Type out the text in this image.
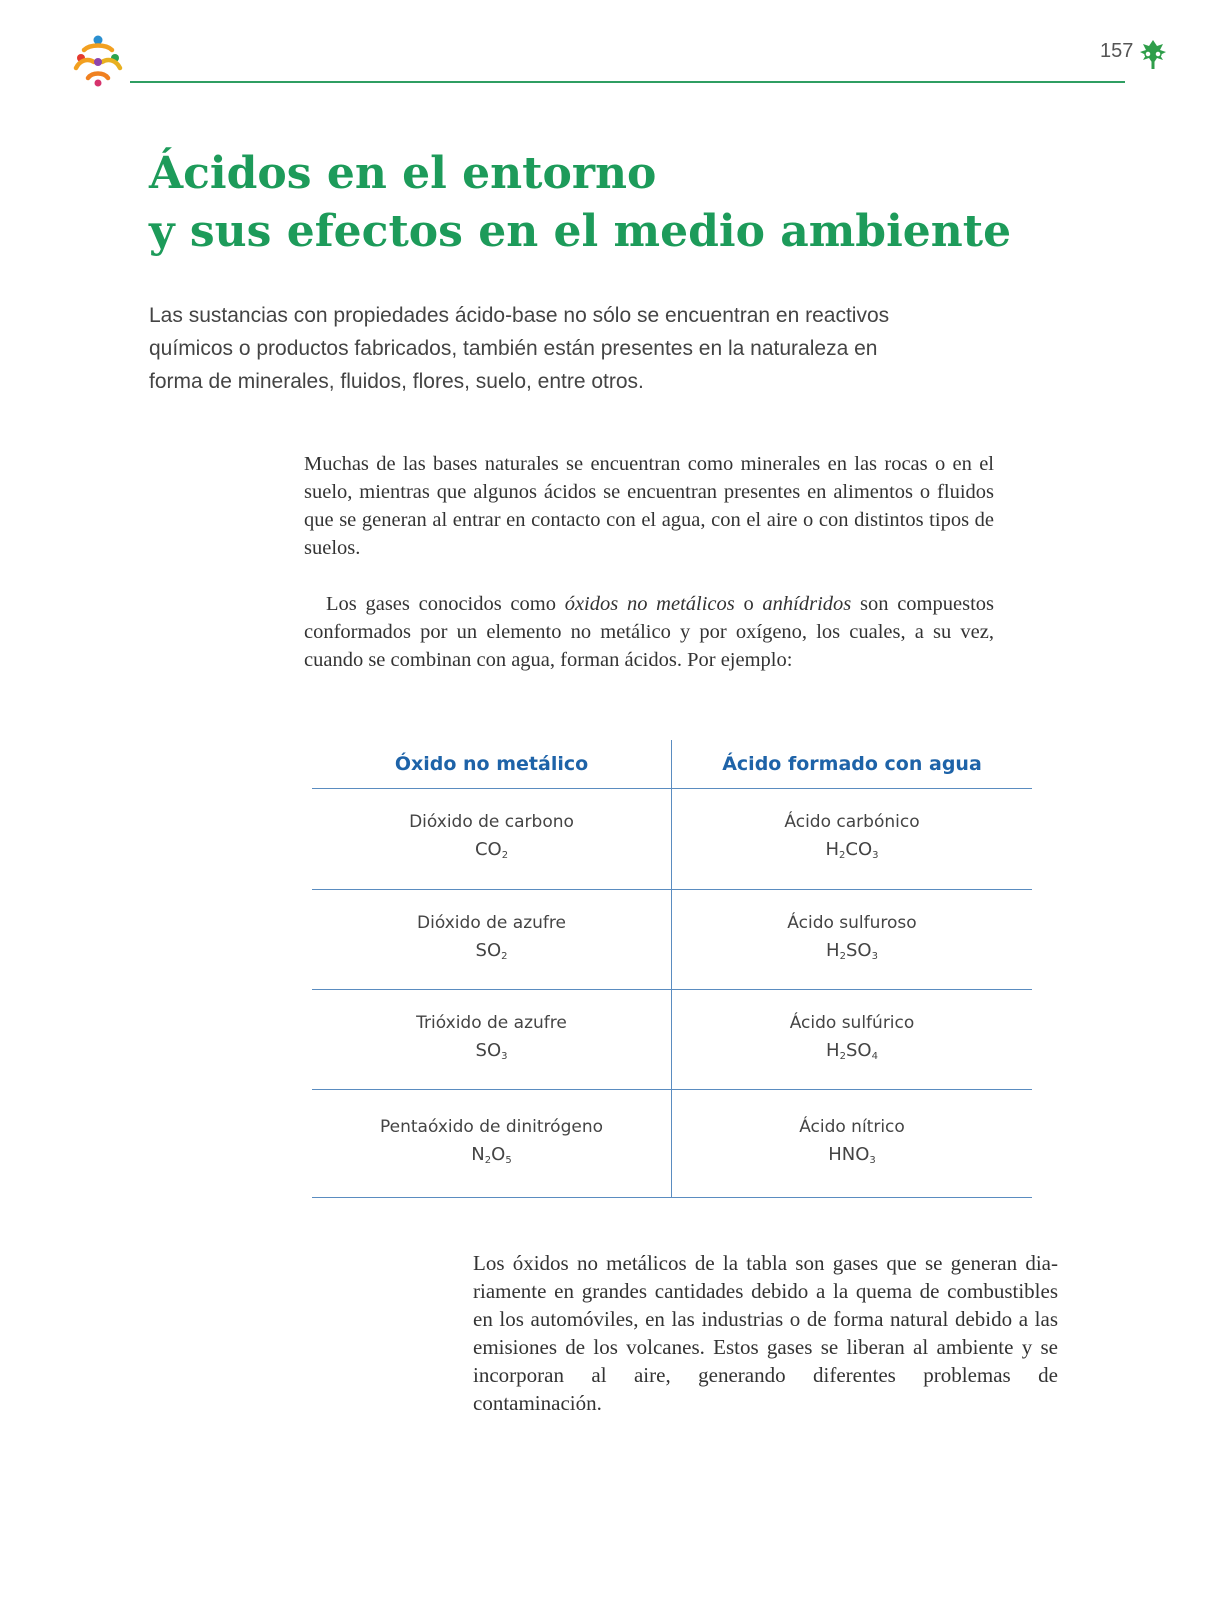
157
Ácidos en el entorno
y sus efectos en el medio ambiente

Las sustancias con propiedades ácido-base no sólo se encuentran en reactivos químicos o productos fabricados, también están presentes en la naturaleza en forma de minerales, fluidos, flores, suelo, entre otros.

Muchas de las bases naturales se encuentran como minerales en las rocas o en el suelo, mientras que algunos ácidos se encuentran presentes en alimentos o fluidos que se generan al entrar en contacto con el agua, con el aire o con distintos tipos de suelos.

Los gases conocidos como óxidos no metálicos o anhídridos son compuestos conformados por un elemento no metálico y por oxígeno, los cuales, a su vez, cuando se combinan con agua, forman ácidos. Por ejemplo:

Óxido no metálico	Ácido formado con agua
Dióxido de carbono
$CO_2$
Ácido carbónico
$H_2CO_3$
Dióxido de azufre
$SO_2$
Ácido sulfuroso
$H_2SO_3$
Trióxido de azufre
$SO_3$
Ácido sulfúrico
$H_2SO_4$
Pentaóxido de dinitrógeno
$N_2O_5$
Ácido nítrico
$HNO_3$

Los óxidos no metálicos de la tabla son gases que se generan diariamente en grandes cantidades debido a la quema de combustibles en los automóviles, en las industrias o de forma natural debido a las emisiones de los volcanes. Estos gases se liberan al ambiente y se incorporan al aire, generando diferentes problemas de contaminación.
